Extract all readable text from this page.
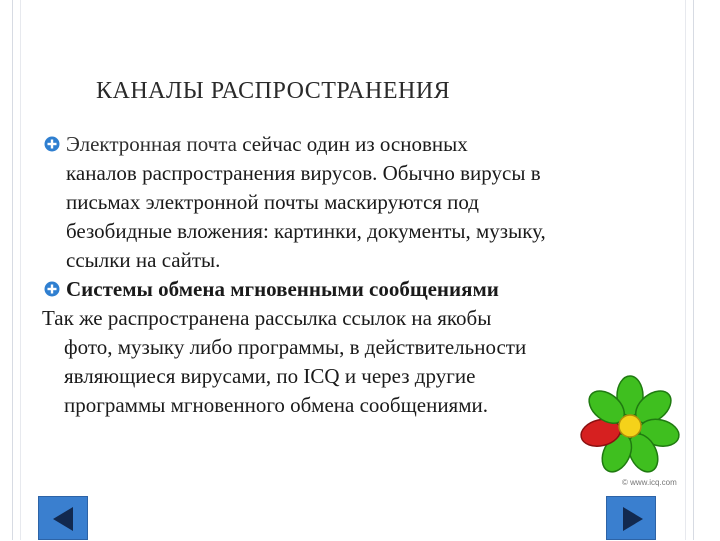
КАНАЛЫ РАСПРОСТРАНЕНИЯ
Электронная почта сейчас один из основных
каналов распространения вирусов. Обычно вирусы в
письмах электронной почты маскируются под
безобидные вложения: картинки, документы, музыку,
ссылки на сайты.
Системы обмена мгновенными сообщениями
Так же распространена рассылка ссылок на якобы
фото, музыку либо программы, в действительности
являющиеся вирусами, по ICQ и через другие
программы мгновенного обмена сообщениями.
© www.icq.com
